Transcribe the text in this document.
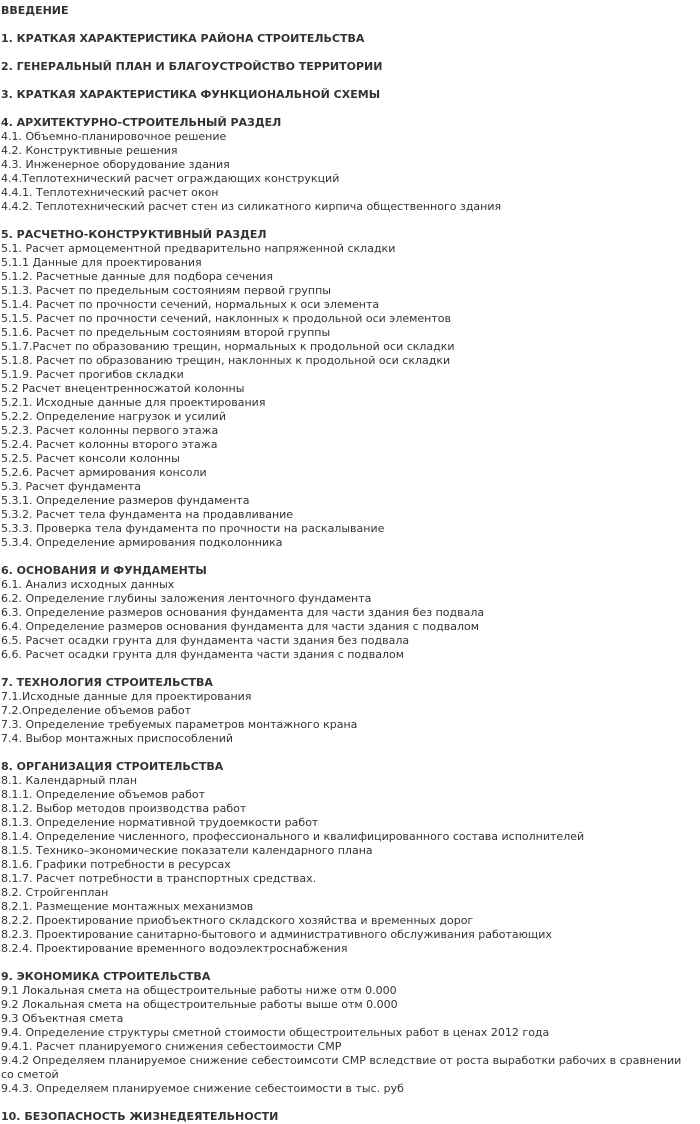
ВВЕДЕНИЕ
1. КРАТКАЯ ХАРАКТЕРИСТИКА РАЙОНА СТРОИТЕЛЬСТВА
2. ГЕНЕРАЛЬНЫЙ ПЛАН И БЛАГОУСТРОЙСТВО ТЕРРИТОРИИ
3. КРАТКАЯ ХАРАКТЕРИСТИКА ФУНКЦИОНАЛЬНОЙ СХЕМЫ
4. АРХИТЕКТУРНО-СТРОИТЕЛЬНЫЙ РАЗДЕЛ
4.1. Объемно-планировочное решение
4.2. Конструктивные решения
4.3. Инженерное оборудование здания
4.4.Теплотехнический расчет ограждающих конструкций
4.4.1. Теплотехнический расчет окон
4.4.2. Теплотехнический расчет стен из силикатного кирпича общественного здания
5. РАСЧЕТНО-КОНСТРУКТИВНЫЙ РАЗДЕЛ
5.1. Расчет армоцементной предварительно напряженной складки
5.1.1 Данные для проектирования
5.1.2. Расчетные данные для подбора сечения
5.1.3. Расчет по предельным состояниям первой группы
5.1.4. Расчет по прочности сечений, нормальных к оси элемента
5.1.5. Расчет по прочности сечений, наклонных к продольной оси элементов
5.1.6. Расчет по предельным состояниям второй группы
5.1.7.Расчет по образованию трещин, нормальных к продольной оси складки
5.1.8. Расчет по образованию трещин, наклонных к продольной оси складки
5.1.9. Расчет прогибов складки
5.2 Расчет внецентренносжатой колонны
5.2.1. Исходные данные для проектирования
5.2.2. Определение нагрузок и усилий
5.2.3. Расчет колонны первого этажа
5.2.4. Расчет колонны второго этажа
5.2.5. Расчет консоли колонны
5.2.6. Расчет армирования консоли
5.3. Расчет фундамента
5.3.1. Определение размеров фундамента
5.3.2. Расчет тела фундамента на продавливание
5.3.3. Проверка тела фундамента по прочности на раскалывание
5.3.4. Определение армирования подколонника
6. ОСНОВАНИЯ И ФУНДАМЕНТЫ
6.1. Анализ исходных данных
6.2. Определение глубины заложения ленточного фундамента
6.3. Определение размеров основания фундамента для части здания без подвала
6.4. Определение размеров основания фундамента для части здания с подвалом
6.5. Расчет осадки грунта для фундамента части здания без подвала
6.6. Расчет осадки грунта для фундамента части здания с подвалом
7. ТЕХНОЛОГИЯ СТРОИТЕЛЬСТВА
7.1.Исходные данные для проектирования
7.2.Определение объемов работ
7.3. Определение требуемых параметров монтажного крана
7.4. Выбор монтажных приспособлений
8. ОРГАНИЗАЦИЯ СТРОИТЕЛЬСТВА
8.1. Календарный план
8.1.1. Определение объемов работ
8.1.2. Выбор методов производства работ
8.1.3. Определение нормативной трудоемкости работ
8.1.4. Определение численного, профессионального и квалифицированного состава исполнителей
8.1.5. Технико–экономические показатели календарного плана
8.1.6. Графики потребности в ресурсах
8.1.7. Расчет потребности в транспортных средствах.
8.2. Стройгенплан
8.2.1. Размещение монтажных механизмов
8.2.2. Проектирование приобъектного складского хозяйства и временных дорог
8.2.3. Проектирование санитарно-бытового и административного обслуживания работающих
8.2.4. Проектирование временного водоэлектроснабжения
9. ЭКОНОМИКА СТРОИТЕЛЬСТВА
9.1 Локальная смета на общестроительные работы ниже отм 0.000
9.2 Локальная смета на общестроительные работы выше отм 0.000
9.3 Объектная смета
9.4. Определение структуры сметной стоимости общестроительных работ в ценах 2012 года
9.4.1. Расчет планируемого снижения себестоимости СМР
9.4.2 Определяем планируемое снижение себестоимсоти СМР вследствие от роста выработки рабочих в сравнении со сметой
9.4.3. Определяем планируемое снижение себестоимости в тыс. руб
10. БЕЗОПАСНОСТЬ ЖИЗНЕДЕЯТЕЛЬНОСТИ
